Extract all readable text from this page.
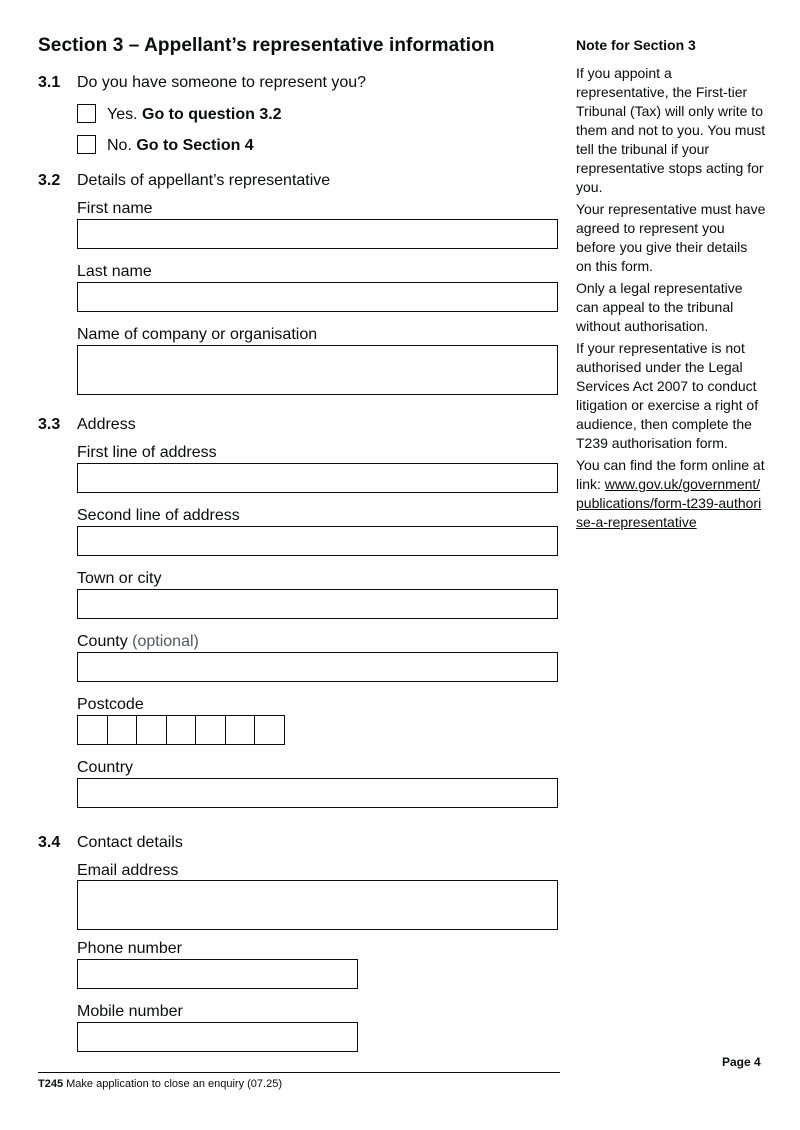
Section 3 – Appellant’s representative information
3.1 Do you have someone to represent you?
Yes. Go to question 3.2
No. Go to Section 4
3.2 Details of appellant’s representative
First name
Last name
Name of company or organisation
3.3 Address
First line of address
Second line of address
Town or city
County (optional)
Postcode
Country
3.4 Contact details
Email address
Phone number
Mobile number

Note for Section 3

If you appoint a representative, the First-tier Tribunal (Tax) will only write to them and not to you. You must tell the tribunal if your representative stops acting for you.

Your representative must have agreed to represent you before you give their details on this form.

Only a legal representative can appeal to the tribunal without authorisation.

If your representative is not authorised under the Legal Services Act 2007 to conduct litigation or exercise a right of audience, then complete the T239 authorisation form.

You can find the form online at link: www.gov.uk/government/publications/form-t239-authorise-a-representative

Page 4
T245 Make application to close an enquiry (07.25)
